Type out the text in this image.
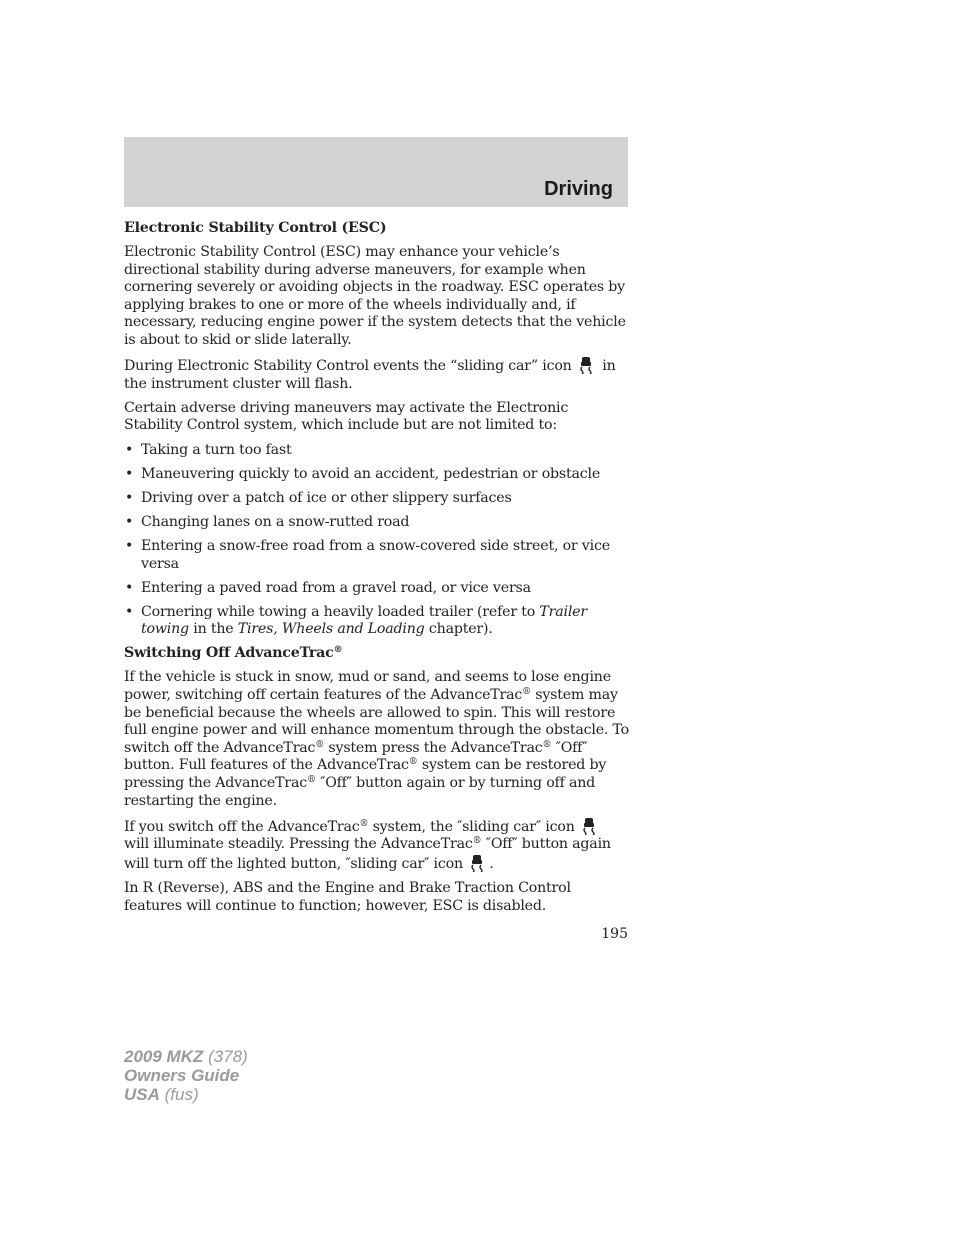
Driving
Electronic Stability Control (ESC)

Electronic Stability Control (ESC) may enhance your vehicle’s directional stability during adverse maneuvers, for example when cornering severely or avoiding objects in the roadway. ESC operates by applying brakes to one or more of the wheels individually and, if necessary, reducing engine power if the system detects that the vehicle is about to skid or slide laterally.

During Electronic Stability Control events the “sliding car” icon in the instrument cluster will flash.

Certain adverse driving maneuvers may activate the Electronic Stability Control system, which include but are not limited to:

• Taking a turn too fast
• Maneuvering quickly to avoid an accident, pedestrian or obstacle
• Driving over a patch of ice or other slippery surfaces
• Changing lanes on a snow-rutted road
• Entering a snow-free road from a snow-covered side street, or vice versa
• Entering a paved road from a gravel road, or vice versa
• Cornering while towing a heavily loaded trailer (refer to Trailer towing in the Tires, Wheels and Loading chapter).
Switching Off AdvanceTrac®

If the vehicle is stuck in snow, mud or sand, and seems to lose engine power, switching off certain features of the AdvanceTrac® system may be beneficial because the wheels are allowed to spin. This will restore full engine power and will enhance momentum through the obstacle. To switch off the AdvanceTrac® system press the AdvanceTrac® ″Off″ button. Full features of the AdvanceTrac® system can be restored by pressing the AdvanceTrac® ″Off″ button again or by turning off and restarting the engine.

If you switch off the AdvanceTrac® system, the ″sliding car″ icon  will illuminate steadily. Pressing the AdvanceTrac® ″Off″ button again will turn off the lighted button, ″sliding car″ icon .

In R (Reverse), ABS and the Engine and Brake Traction Control features will continue to function; however, ESC is disabled.

195
2009 MKZ (378)
Owners Guide
USA (fus)
